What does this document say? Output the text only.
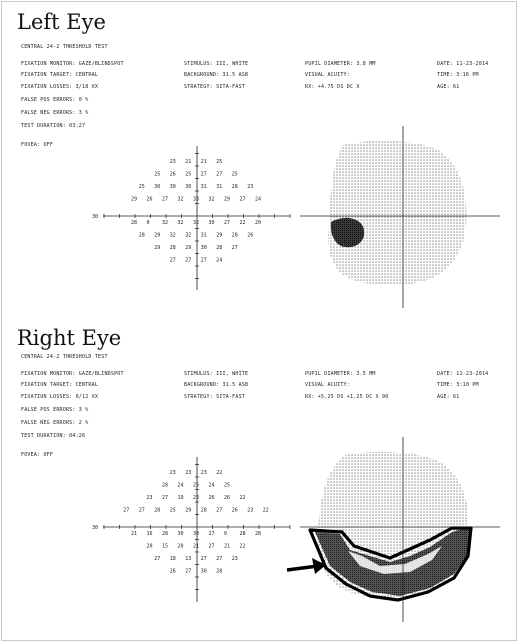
Left Eye
CENTRAL 24-2 THRESHOLD TEST
FIXATION MONITOR: GAZE/BLINDSPOT
FIXATION TARGET: CENTRAL
FIXATION LOSSES: 3/18 XX
FALSE POS ERRORS: 0 %
FALSE NEG ERRORS: 3 %
TEST DURATION: 03:27
FOVEA: OFF
STIMULUS: III, WHITE
BACKGROUND: 31.5 ASB
STRATEGY: SITA-FAST
PUPIL DIAMETER: 3.8 MM
VISUAL ACUITY:
RX: +4.75 DS DC X
DATE: 11-23-2014
TIME: 3:16 PM
AGE: 61
30
23 21 21 25
25 26 25 27 27 25
25 30 30 30 31 31 28 23
29 26 27 32 33 32 29 27 24
28 0 32 32 32 30 27 22 20
28 29 32 32 31 29 28 26
29 28 29 30 28 27
27 27 27 24
Right Eye
CENTRAL 24-2 THRESHOLD TEST
FIXATION MONITOR: GAZE/BLINDSPOT
FIXATION TARGET: CENTRAL
FIXATION LOSSES: 0/12 XX
FALSE POS ERRORS: 3 %
FALSE NEG ERRORS: 2 %
TEST DURATION: 04:26
FOVEA: OFF
STIMULUS: III, WHITE
BACKGROUND: 31.5 ASB
STRATEGY: SITA-FAST
PUPIL DIAMETER: 3.5 MM
VISUAL ACUITY:
RX: +5.25 DS +1.25 DC X 90
DATE: 11-23-2014
TIME: 3:10 PM
AGE: 61
30
23 23 23 22
28 24 25 24 25
23 27 19 23 26 26 22
27 27 28 25 29 28 27 26 23 22
21 16 28 30 30 27 0 28 28
20 15 20 21 27 21 22
27 18 13 27 27 23
26 27 30 28
